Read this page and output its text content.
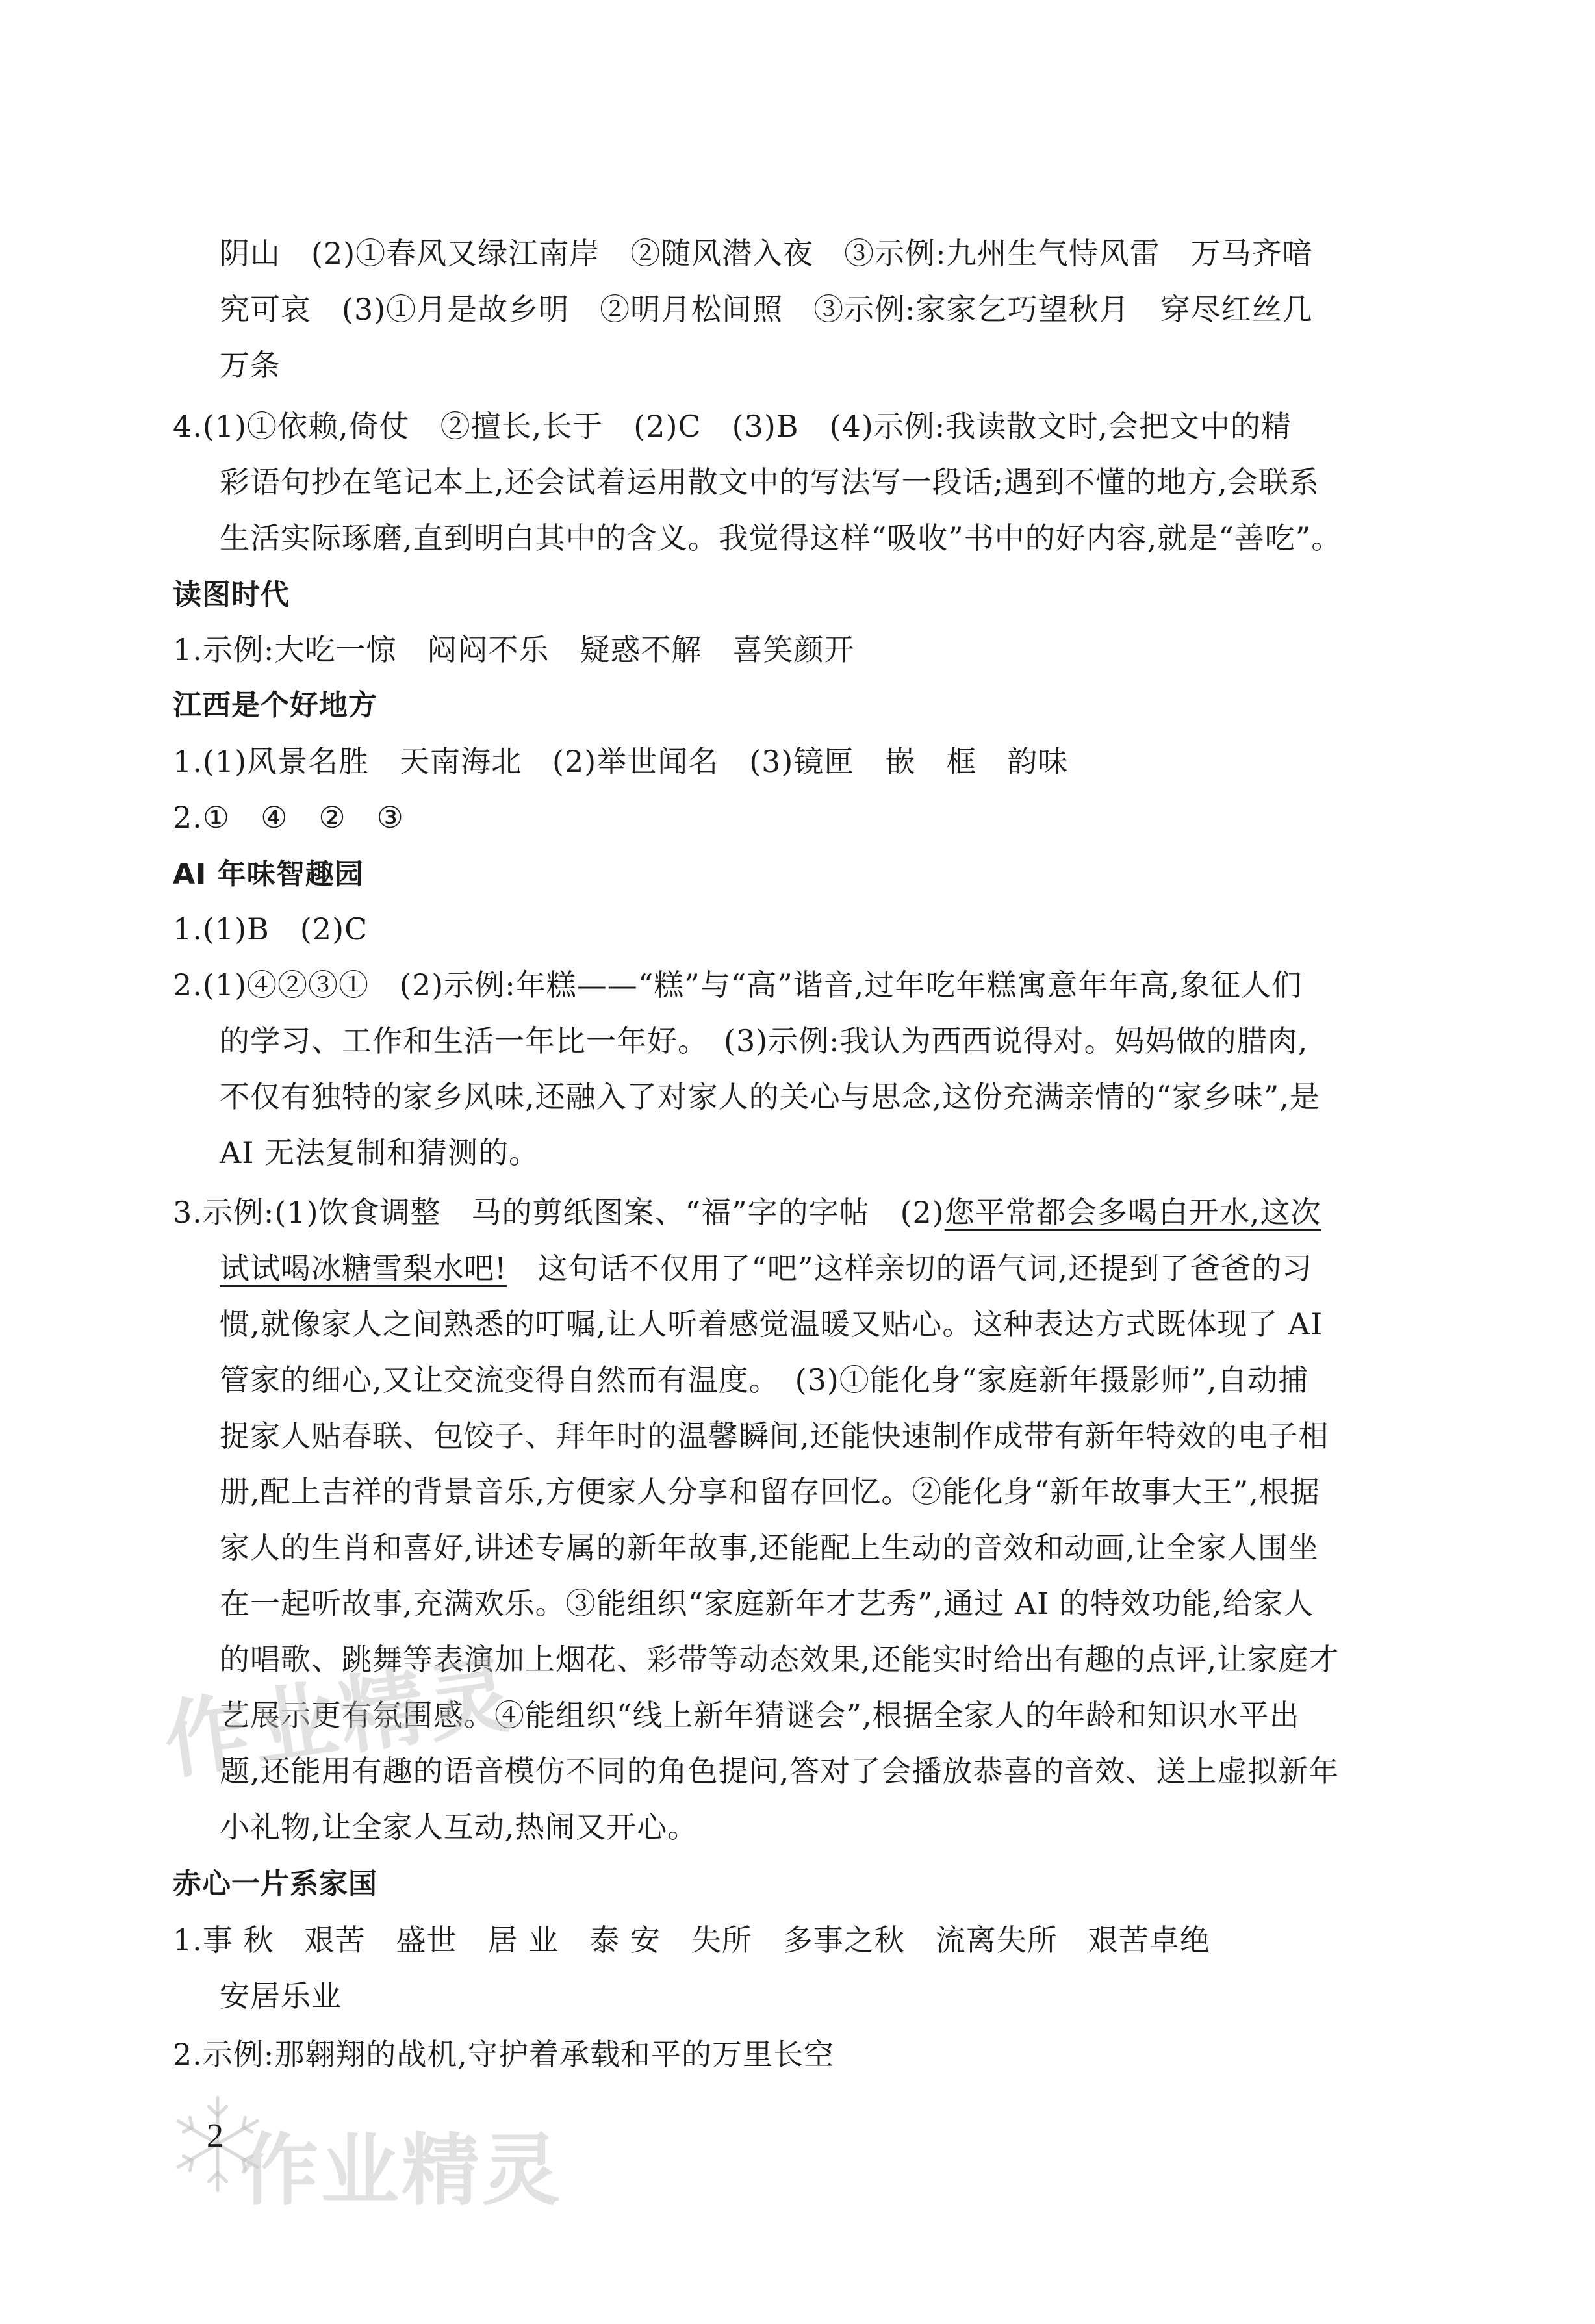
阴山　(2)①春风又绿江南岸　②随风潜入夜　③示例:九州生气恃风雷　万马齐喑
究可哀　(3)①月是故乡明　②明月松间照　③示例:家家乞巧望秋月　穿尽红丝几
万条
4.(1)①依赖,倚仗　②擅长,长于　(2)C　(3)B　(4)示例:我读散文时,会把文中的精
彩语句抄在笔记本上,还会试着运用散文中的写法写一段话;遇到不懂的地方,会联系
生活实际琢磨,直到明白其中的含义。我觉得这样“吸收”书中的好内容,就是“善吃”。
读图时代
1.示例:大吃一惊　闷闷不乐　疑惑不解　喜笑颜开
江西是个好地方
1.(1)风景名胜　天南海北　(2)举世闻名　(3)镜匣　嵌　框　韵味
2.①　④　②　③
AI 年味智趣园
1.(1)B　(2)C
2.(1)④②③①　(2)示例:年糕——“糕”与“高”谐音,过年吃年糕寓意年年高,象征人们
的学习、工作和生活一年比一年好。　(3)示例:我认为西西说得对。妈妈做的腊肉,
不仅有独特的家乡风味,还融入了对家人的关心与思念,这份充满亲情的“家乡味”,是
AI 无法复制和猜测的。
3.示例:(1)饮食调整　马的剪纸图案、“福”字的字帖　(2)您平常都会多喝白开水,这次
试试喝冰糖雪梨水吧!　这句话不仅用了“吧”这样亲切的语气词,还提到了爸爸的习
惯,就像家人之间熟悉的叮嘱,让人听着感觉温暖又贴心。这种表达方式既体现了 AI
管家的细心,又让交流变得自然而有温度。　(3)①能化身“家庭新年摄影师”,自动捕
捉家人贴春联、包饺子、拜年时的温馨瞬间,还能快速制作成带有新年特效的电子相
册,配上吉祥的背景音乐,方便家人分享和留存回忆。②能化身“新年故事大王”,根据
家人的生肖和喜好,讲述专属的新年故事,还能配上生动的音效和动画,让全家人围坐
在一起听故事,充满欢乐。③能组织“家庭新年才艺秀”,通过 AI 的特效功能,给家人
的唱歌、跳舞等表演加上烟花、彩带等动态效果,还能实时给出有趣的点评,让家庭才
艺展示更有氛围感。④能组织“线上新年猜谜会”,根据全家人的年龄和知识水平出
题,还能用有趣的语音模仿不同的角色提问,答对了会播放恭喜的音效、送上虚拟新年
小礼物,让全家人互动,热闹又开心。
赤心一片系家国
1.事 秋　艰苦　盛世　居 业　泰 安　失所　多事之秋　流离失所　艰苦卓绝
安居乐业
2.示例:那翱翔的战机,守护着承载和平的万里长空
作业精灵
作业精灵
2
